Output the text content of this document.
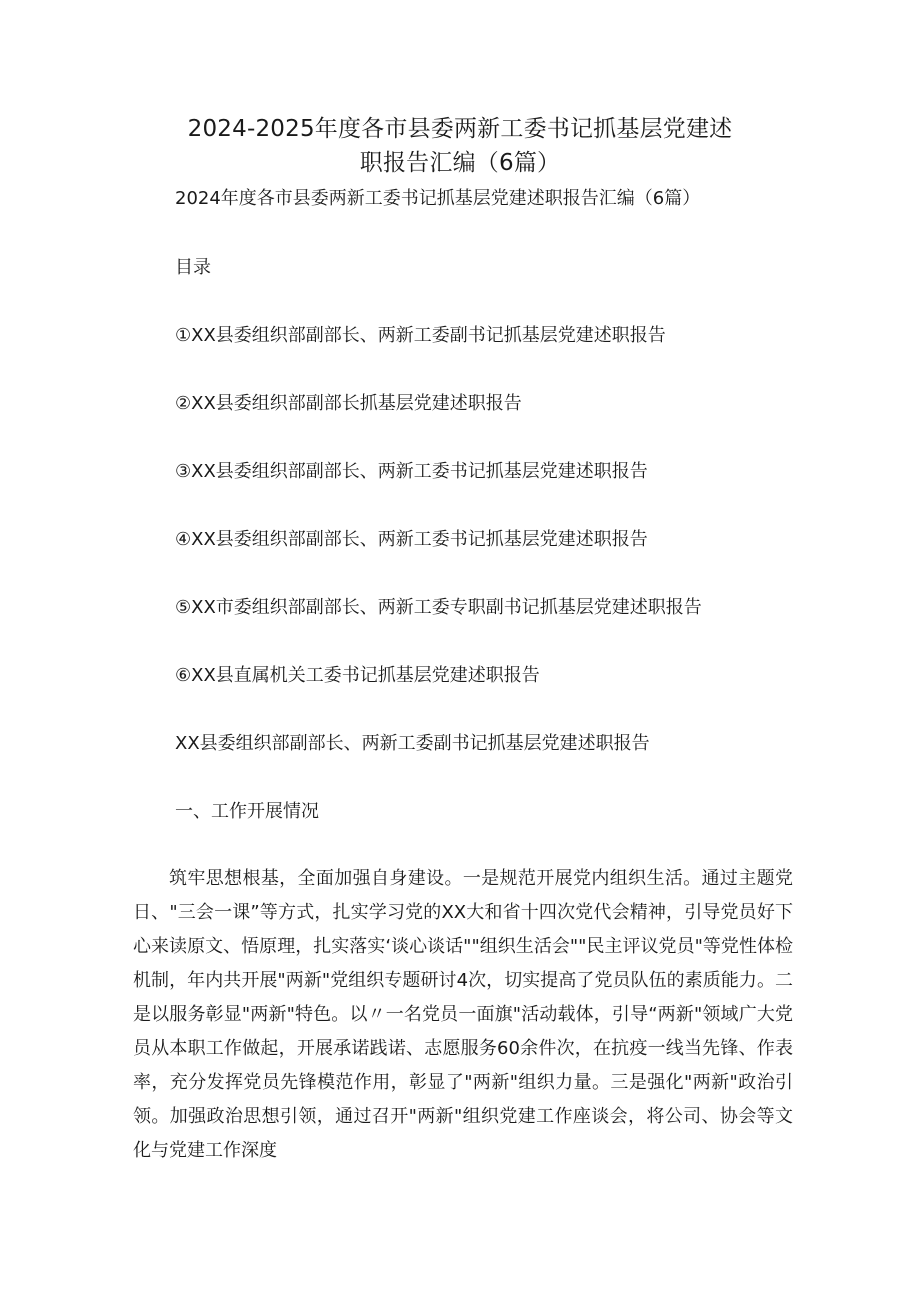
2024-2025年度各市县委两新工委书记抓基层党建述
职报告汇编（6篇）
2024年度各市县委两新工委书记抓基层党建述职报告汇编（6篇）
目录
①XX县委组织部副部长、两新工委副书记抓基层党建述职报告
②XX县委组织部副部长抓基层党建述职报告
③XX县委组织部副部长、两新工委书记抓基层党建述职报告
④XX县委组织部副部长、两新工委书记抓基层党建述职报告
⑤XX市委组织部副部长、两新工委专职副书记抓基层党建述职报告
⑥XX县直属机关工委书记抓基层党建述职报告
XX县委组织部副部长、两新工委副书记抓基层党建述职报告
一、工作开展情况
筑牢思想根基，全面加强自身建设。一是规范开展党内组织生活。通过主题党日、"三会一课”等方式，扎实学习党的XX大和省十四次党代会精神，引导党员好下心来读原文、悟原理，扎实落实‘谈心谈话""组织生活会""民主评议党员"等党性体检机制，年内共开展"两新"党组织专题研讨4次，切实提高了党员队伍的素质能力。二是以服务彰显"两新"特色。以〃一名党员一面旗"活动载体，引导“两新"领域广大党员从本职工作做起，开展承诺践诺、志愿服务60余件次，在抗疫一线当先锋、作表率，充分发挥党员先锋模范作用，彰显了"两新"组织力量。三是强化"两新"政治引领。加强政治思想引领，通过召开"两新"组织党建工作座谈会，将公司、协会等文化与党建工作深度
